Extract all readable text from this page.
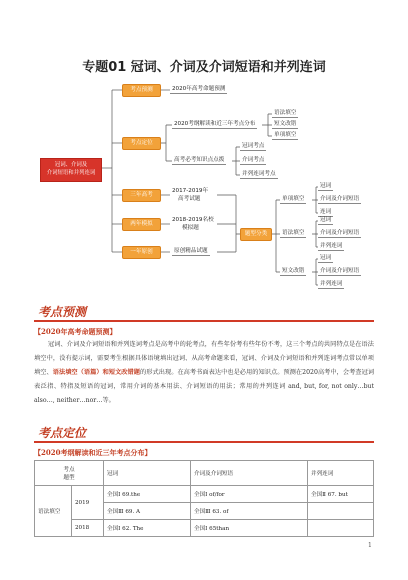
专题01 冠词、介词及介词短语和并列连词
冠词、介词及
介词短语和并列连词
考点预测	2020年高考命题预测
考点定位
2020考纲解读和近三年考点分布
语法填空
短文改错
单项填空
高考必考知识点点拨
冠词考点
介词考点
并列连词考点
三年高考
2017-2019年
高考试题
两年模拟
2018-2019名校
模拟题
一年原创	原创精品试题
题型分类
单项填空
冠词
介词及介词短语
连词
语法填空
冠词
介词及介词短语
并列连词
短文改错
冠词
介词及介词短语
并列连词
考点预测
【2020年高考命题预测】
冠词、介词及介词短语和并列连词考点是高考中的轮考点，有些年份考有些年份不考，这三个考点的共同特点是在语法填空中，没有提示词，需要考生根据具体语境填出冠词、从高考命题来看，冠词、介词及介词短语和并列连词考点常以单项填空、语法填空（语篇）和短文改错题的形式出现。在高考书面表达中也是必用的知识点。预测在2020高考中，会考查冠词表泛指、特指及短语的冠词，常用介词的基本用法、介词短语的用法；常用的并列连词 and, but, for, not only…but also…, neither…nor…等。
考点定位
【2020考纲解读和近三年考点分布】
考点
题型		冠词	介词及介词短语	并列连词
语法填空	2019	全国Ⅰ 69.the	全国Ⅰ of/for	全国Ⅱ 67. but
		全国Ⅲ 69. A	全国Ⅲ 63. of	
	2018	全国Ⅰ 62. The	全国Ⅰ 65than	
1
